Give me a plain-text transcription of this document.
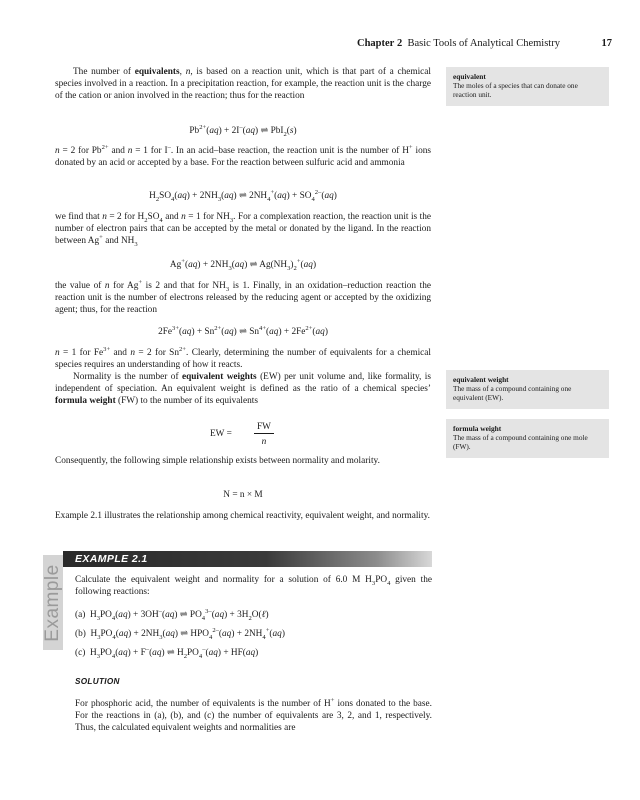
Chapter 2 Basic Tools of Analytical Chemistry	17
equivalent
The moles of a species that can donate one reaction unit.
equivalent weight
The mass of a compound containing one equivalent (EW).
formula weight
The mass of a compound containing one mole (FW).

The number of equivalents, n, is based on a reaction unit, which is that part of a chemical species involved in a reaction. In a precipitation reaction, for example, the reaction unit is the charge of the cation or anion involved in the reaction; thus for the reaction

$Pb^{2+}(aq) + 2I^-(aq)$ ⇌ PbI$_2$(s)

n = 2 for $Pb^{2+}$ and n = 1 for I–. In an acid–base reaction, the reaction unit is the number of H+ ions donated by an acid or accepted by a base. For the reaction between sulfuric acid and ammonia

$H_2SO_4(aq) + 2NH_3(aq)$ ⇌ $2NH_4^+(aq) + SO_4^{2-}(aq)$

we find that n = 2 for $H_2SO_4$ and n = 1 for $NH_3$. For a complexation reaction, the reaction unit is the number of electron pairs that can be accepted by the metal or donated by the ligand. In the reaction between Ag+ and $NH_3$

$Ag^+(aq) + 2NH_3(aq)$ ⇌ $Ag(NH_3)_2^+(aq)$

the value of n for Ag+ is 2 and that for $NH_3$ is 1. Finally, in an oxidation–reduction reaction the reaction unit is the number of electrons released by the reducing agent or accepted by the oxidizing agent; thus, for the reaction

$2Fe^{3+}(aq) + Sn^{2+}(aq)$ ⇌ $Sn^{4+}(aq) + 2Fe^{2+}(aq)$

n = 1 for $Fe^{3+}$ and n = 2 for $Sn^{2+}$. Clearly, determining the number of equivalents for a chemical species requires an understanding of how it reacts.

Normality is the number of equivalent weights (EW) per unit volume and, like formality, is independent of speciation. An equivalent weight is defined as the ratio of a chemical species’ formula weight (FW) to the number of its equivalents

EW =
FW
n

Consequently, the following simple relationship exists between normality and molarity.

N = n × M

Example 2.1 illustrates the relationship among chemical reactivity, equivalent weight, and normality.

EXAMPLE 2.1
Example Calculate the equivalent weight and normality for a solution of 6.0 M $H_3PO_4$ given the following reactions:

(a)  $H_3PO_4(aq) + 3OH^-(aq)$ ⇌ $PO_4^{3-}(aq)$ + $3H_2O(\ell)$
(b)  $H_3PO_4(aq) + 2NH_3(aq)$ ⇌ $HPO_4^{2-}(aq) + 2NH_4^+(aq)$
(c)  $H_3PO_4(aq) + F^-(aq)$ ⇌ $H_2PO_4^-(aq) + HF(aq)$
SOLUTION

For phosphoric acid, the number of equivalents is the number of H+ ions donated to the base. For the reactions in (a), (b), and (c) the number of equivalents are 3, 2, and 1, respectively. Thus, the calculated equivalent weights and normalities are
